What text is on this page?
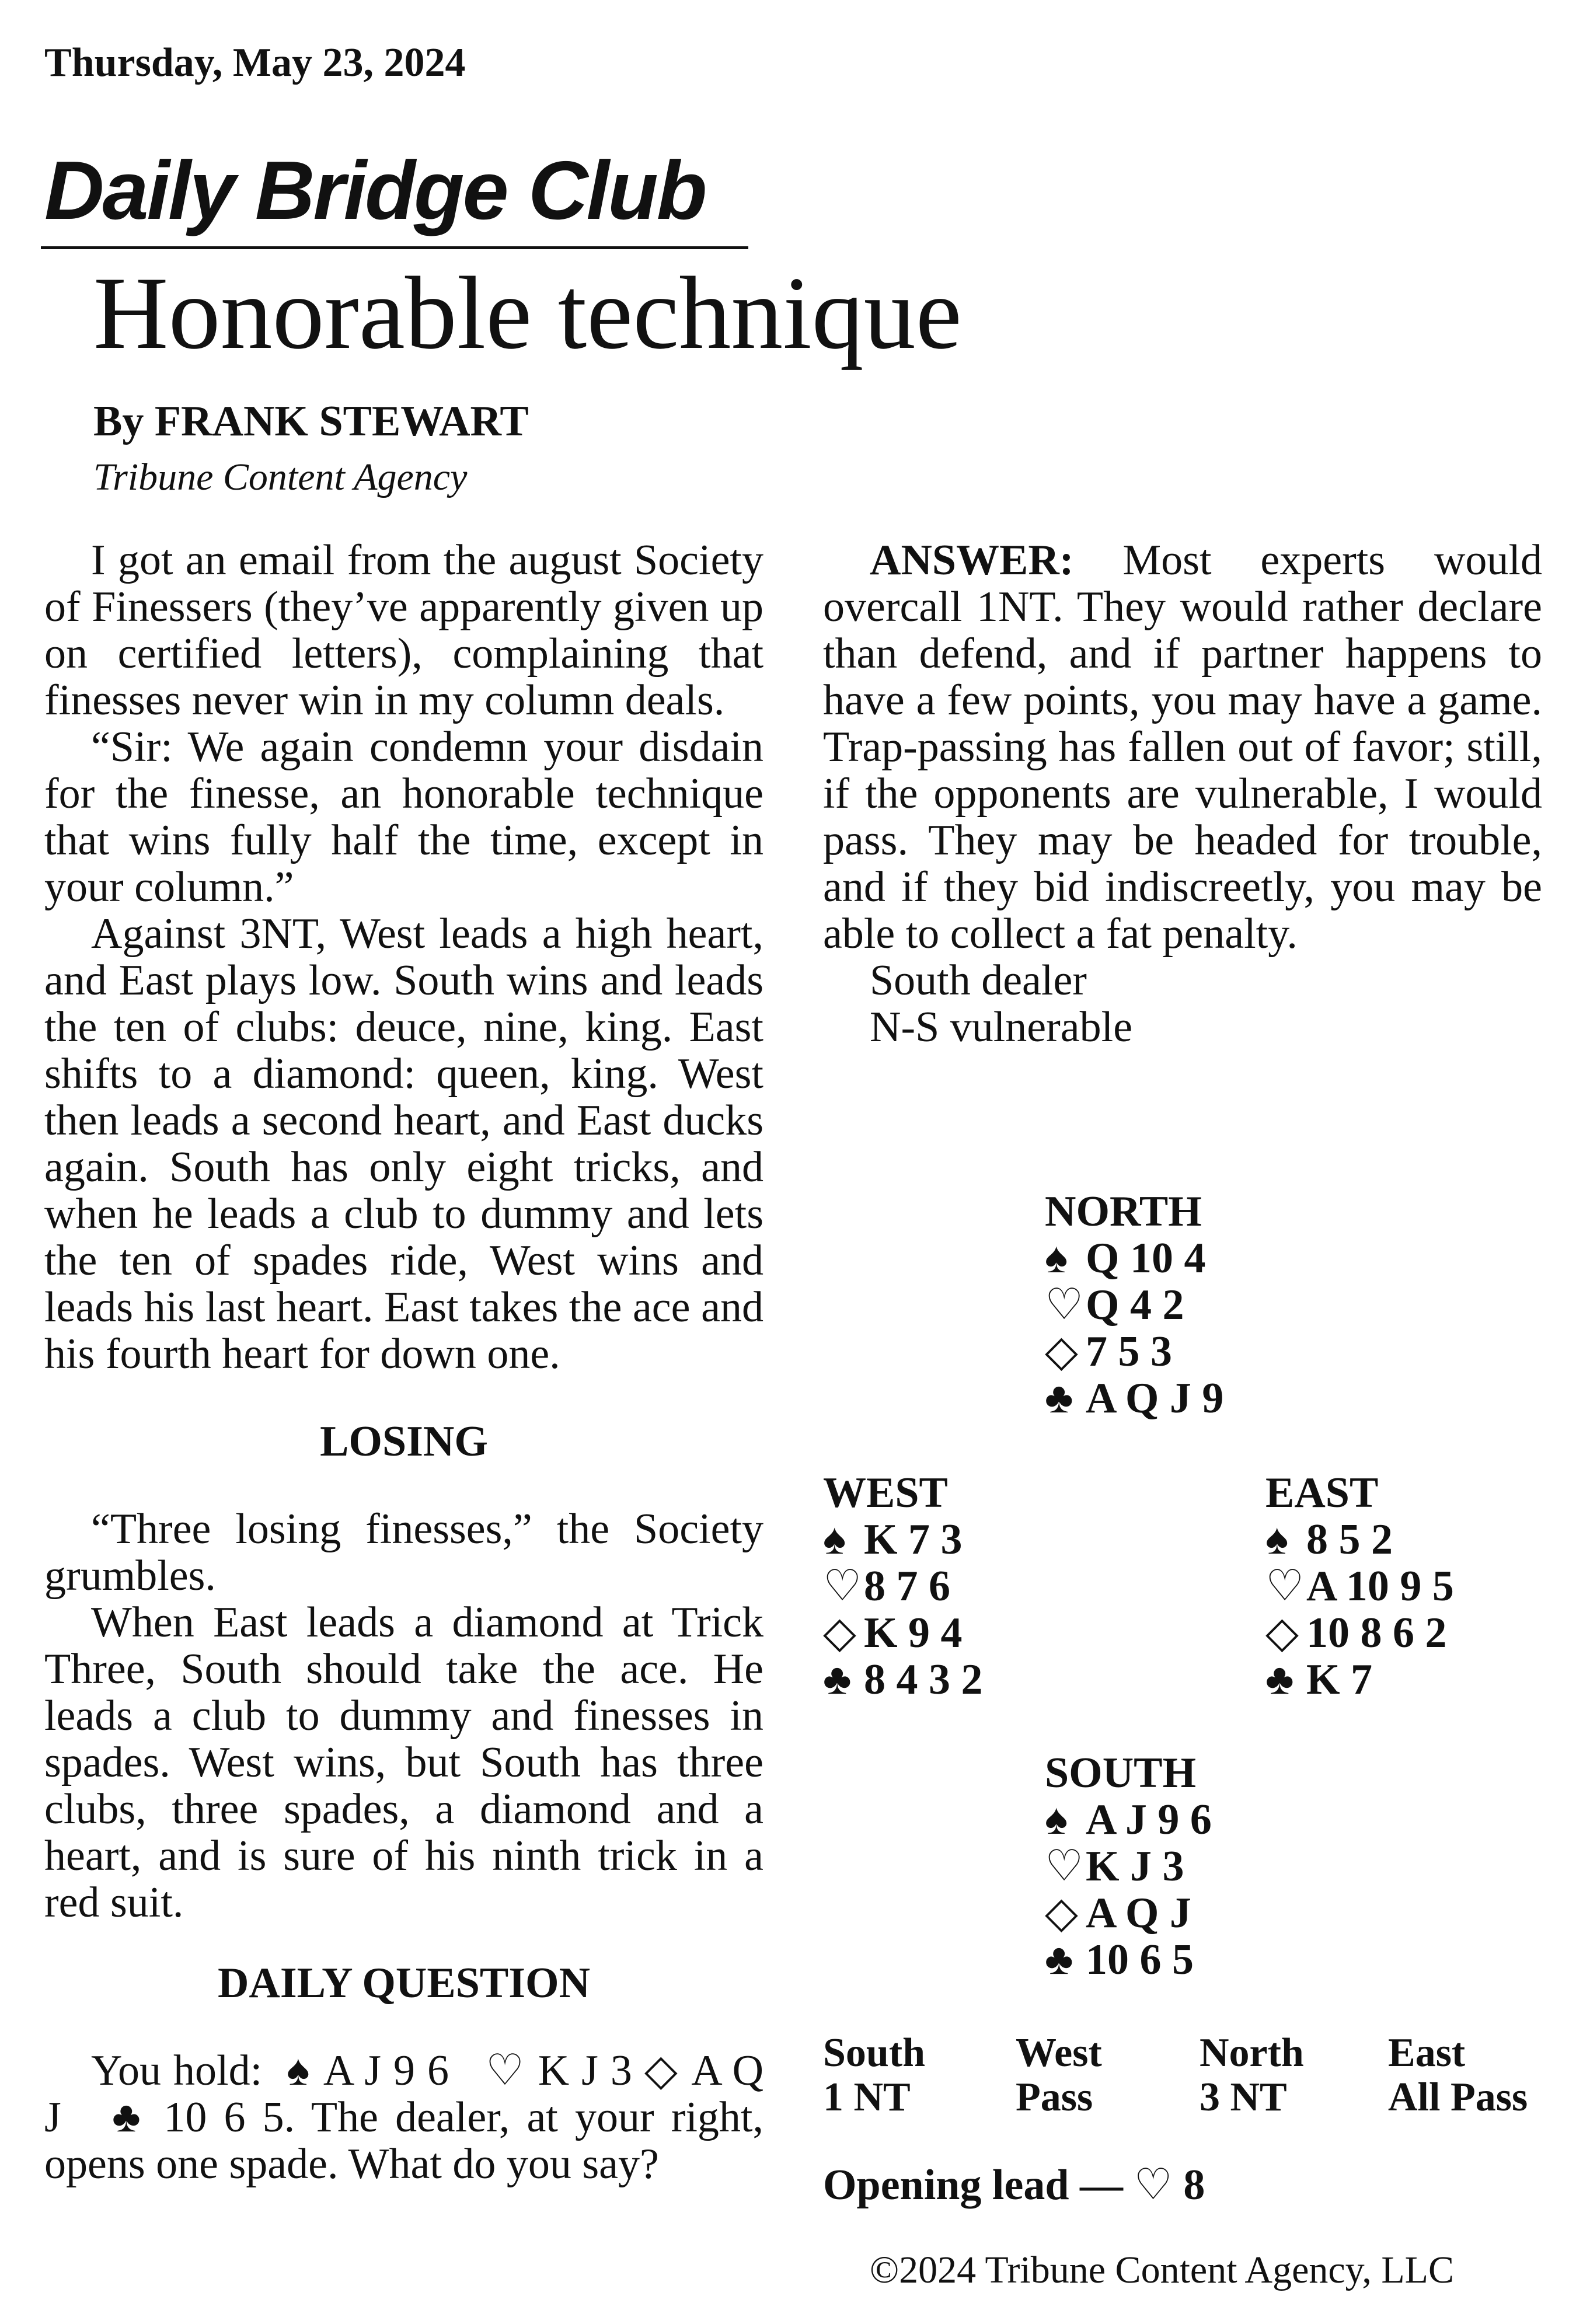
Thursday, May 23, 2024
Daily Bridge Club
Honorable technique
By FRANK STEWART
Tribune Content Agency

I got an email from the august Society of Finessers (they’ve apparently given up on certified letters), complaining that finesses never win in my column deals.

“Sir: We again condemn your disdain for the finesse, an honorable technique that wins fully half the time, except in your column.”

Against 3NT, West leads a high heart, and East plays low. South wins and leads the ten of clubs: deuce, nine, king. East shifts to a diamond: queen, king. West then leads a second heart, and East ducks again. South has only eight tricks, and when he leads a club to dummy and lets the ten of spades ride, West wins and leads his last heart. East takes the ace and his fourth heart for down one.

LOSING

“Three losing finesses,” the Society grumbles.

When East leads a diamond at Trick Three, South should take the ace. He leads a club to dummy and finesses in spades. West wins, but South has three clubs, three spades, a diamond and a heart, and is sure of his ninth trick in a red suit.

DAILY QUESTION

You hold: ♠ A J 9 6 ♡ K J 3 ◇ A Q J ♣ 10 6 5. The dealer, at your right, opens one spade. What do you say?

ANSWER: Most experts would overcall 1NT. They would rather declare than defend, and if partner happens to have a few points, you may have a game. Trap-passing has fallen out of favor; still, if the opponents are vulnerable, I would pass. They may be headed for trouble, and if they bid indiscreetly, you may be able to collect a fat penalty.

South dealer

N-S vulnerable

NORTH
♠ Q 10 4
♡Q 4 2
◇ 7 5 3
♣ A Q J 9
WEST
♠ K 7 3
♡8 7 6
◇ K 9 4
♣ 8 4 3 2
EAST
♠ 8 5 2
♡A 10 9 5
◇ 10 8 6 2
♣ K 7
SOUTH
♠ A J 9 6
♡K J 3
◇ A Q J
♣ 10 6 5
South
1 NT
West
Pass
North
3 NT
East
All Pass
Opening lead — ♡ 8
©2024 Tribune Content Agency, LLC
